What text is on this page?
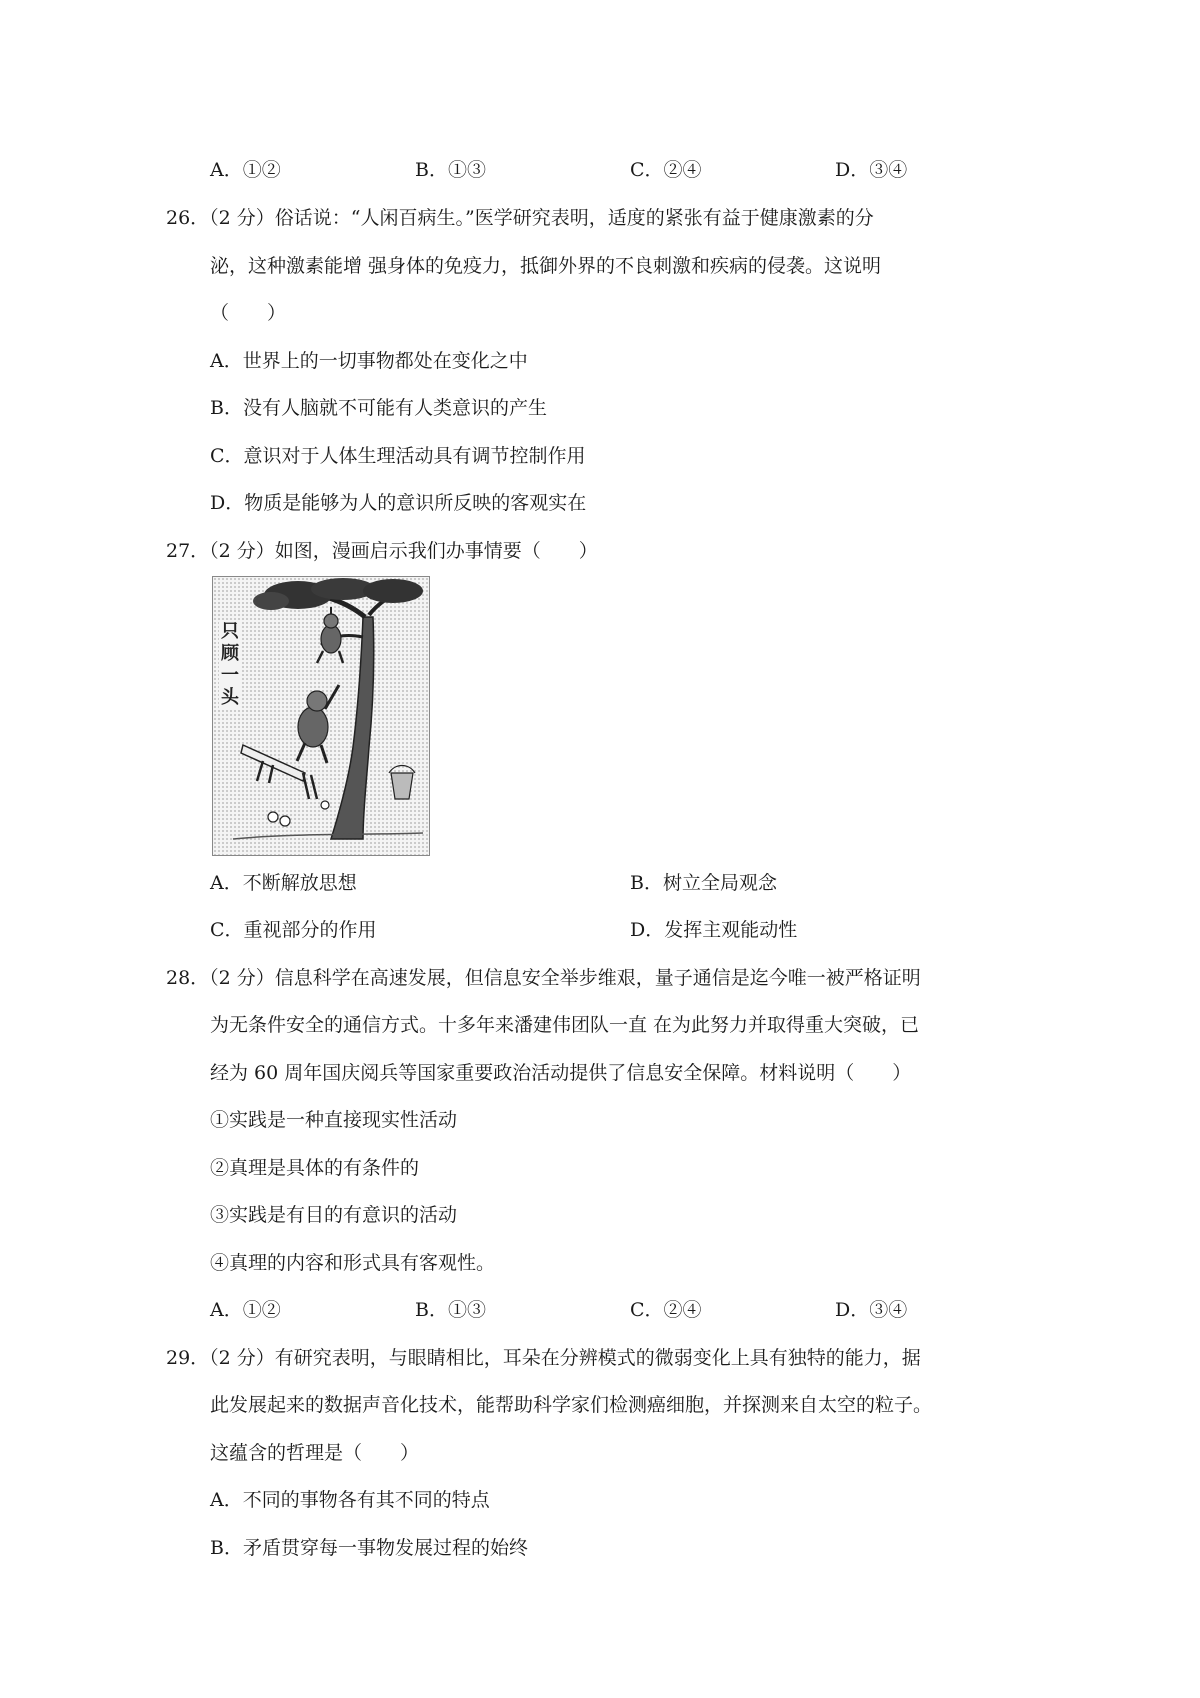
A．①②	B．①③	C．②④	D．③④
26．（2 分）俗话说：“人闲百病生。”医学研究表明，适度的紧张有益于健康激素的分
泌，这种激素能增 强身体的免疫力，抵御外界的不良刺激和疾病的侵袭。这说明
（　　）
A．世界上的一切事物都处在变化之中
B．没有人脑就不可能有人类意识的产生
C．意识对于人体生理活动具有调节控制作用
D．物质是能够为人的意识所反映的客观实在
27．（2 分）如图，漫画启示我们办事情要（　　）
只
顾
一
头
A．不断解放思想	B．树立全局观念
C．重视部分的作用	D．发挥主观能动性
28．（2 分）信息科学在高速发展，但信息安全举步维艰，量子通信是迄今唯一被严格证明
为无条件安全的通信方式。十多年来潘建伟团队一直 在为此努力并取得重大突破，已
经为 60 周年国庆阅兵等国家重要政治活动提供了信息安全保障。材料说明（　　）
①实践是一种直接现实性活动
②真理是具体的有条件的
③实践是有目的有意识的活动
④真理的内容和形式具有客观性。
A．①②	B．①③	C．②④	D．③④
29．（2 分）有研究表明，与眼睛相比，耳朵在分辨模式的微弱变化上具有独特的能力，据
此发展起来的数据声音化技术，能帮助科学家们检测癌细胞，并探测来自太空的粒子。
这蕴含的哲理是（　　）
A．不同的事物各有其不同的特点
B．矛盾贯穿每一事物发展过程的始终
